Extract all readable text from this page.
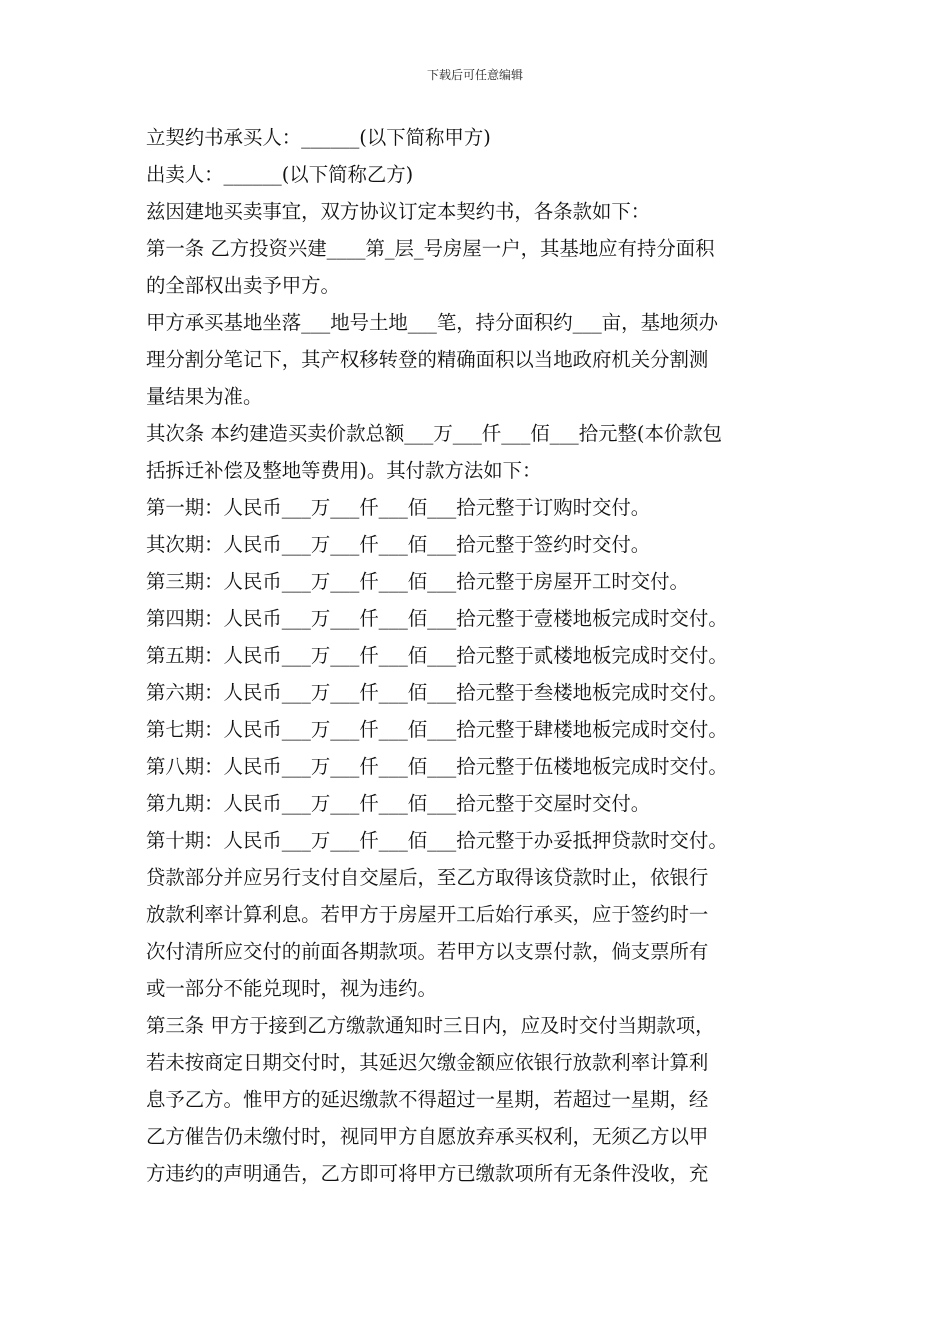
下载后可任意编辑
立契约书承买人：______(以下简称甲方)
出卖人：______(以下简称乙方)
兹因建地买卖事宜，双方协议订定本契约书，各条款如下：
第一条 乙方投资兴建____第_层_号房屋一户，其基地应有持分面积
的全部权出卖予甲方。
甲方承买基地坐落___地号土地___笔，持分面积约___亩，基地须办
理分割分笔记下，其产权移转登的精确面积以当地政府机关分割测
量结果为准。
其次条 本约建造买卖价款总额___万___仟___佰___拾元整(本价款包
括拆迁补偿及整地等费用)。其付款方法如下：
第一期：人民币___万___仟___佰___拾元整于订购时交付。
其次期：人民币___万___仟___佰___拾元整于签约时交付。
第三期：人民币___万___仟___佰___拾元整于房屋开工时交付。
第四期：人民币___万___仟___佰___拾元整于壹楼地板完成时交付。
第五期：人民币___万___仟___佰___拾元整于贰楼地板完成时交付。
第六期：人民币___万___仟___佰___拾元整于叁楼地板完成时交付。
第七期：人民币___万___仟___佰___拾元整于肆楼地板完成时交付。
第八期：人民币___万___仟___佰___拾元整于伍楼地板完成时交付。
第九期：人民币___万___仟___佰___拾元整于交屋时交付。
第十期：人民币___万___仟___佰___拾元整于办妥抵押贷款时交付。
贷款部分并应另行支付自交屋后，至乙方取得该贷款时止，依银行
放款利率计算利息。若甲方于房屋开工后始行承买，应于签约时一
次付清所应交付的前面各期款项。若甲方以支票付款，倘支票所有
或一部分不能兑现时，视为违约。
第三条 甲方于接到乙方缴款通知时三日内，应及时交付当期款项，
若未按商定日期交付时，其延迟欠缴金额应依银行放款利率计算利
息予乙方。惟甲方的延迟缴款不得超过一星期，若超过一星期，经
乙方催告仍未缴付时，视同甲方自愿放弃承买权利，无须乙方以甲
方违约的声明通告，乙方即可将甲方已缴款项所有无条件没收，充
